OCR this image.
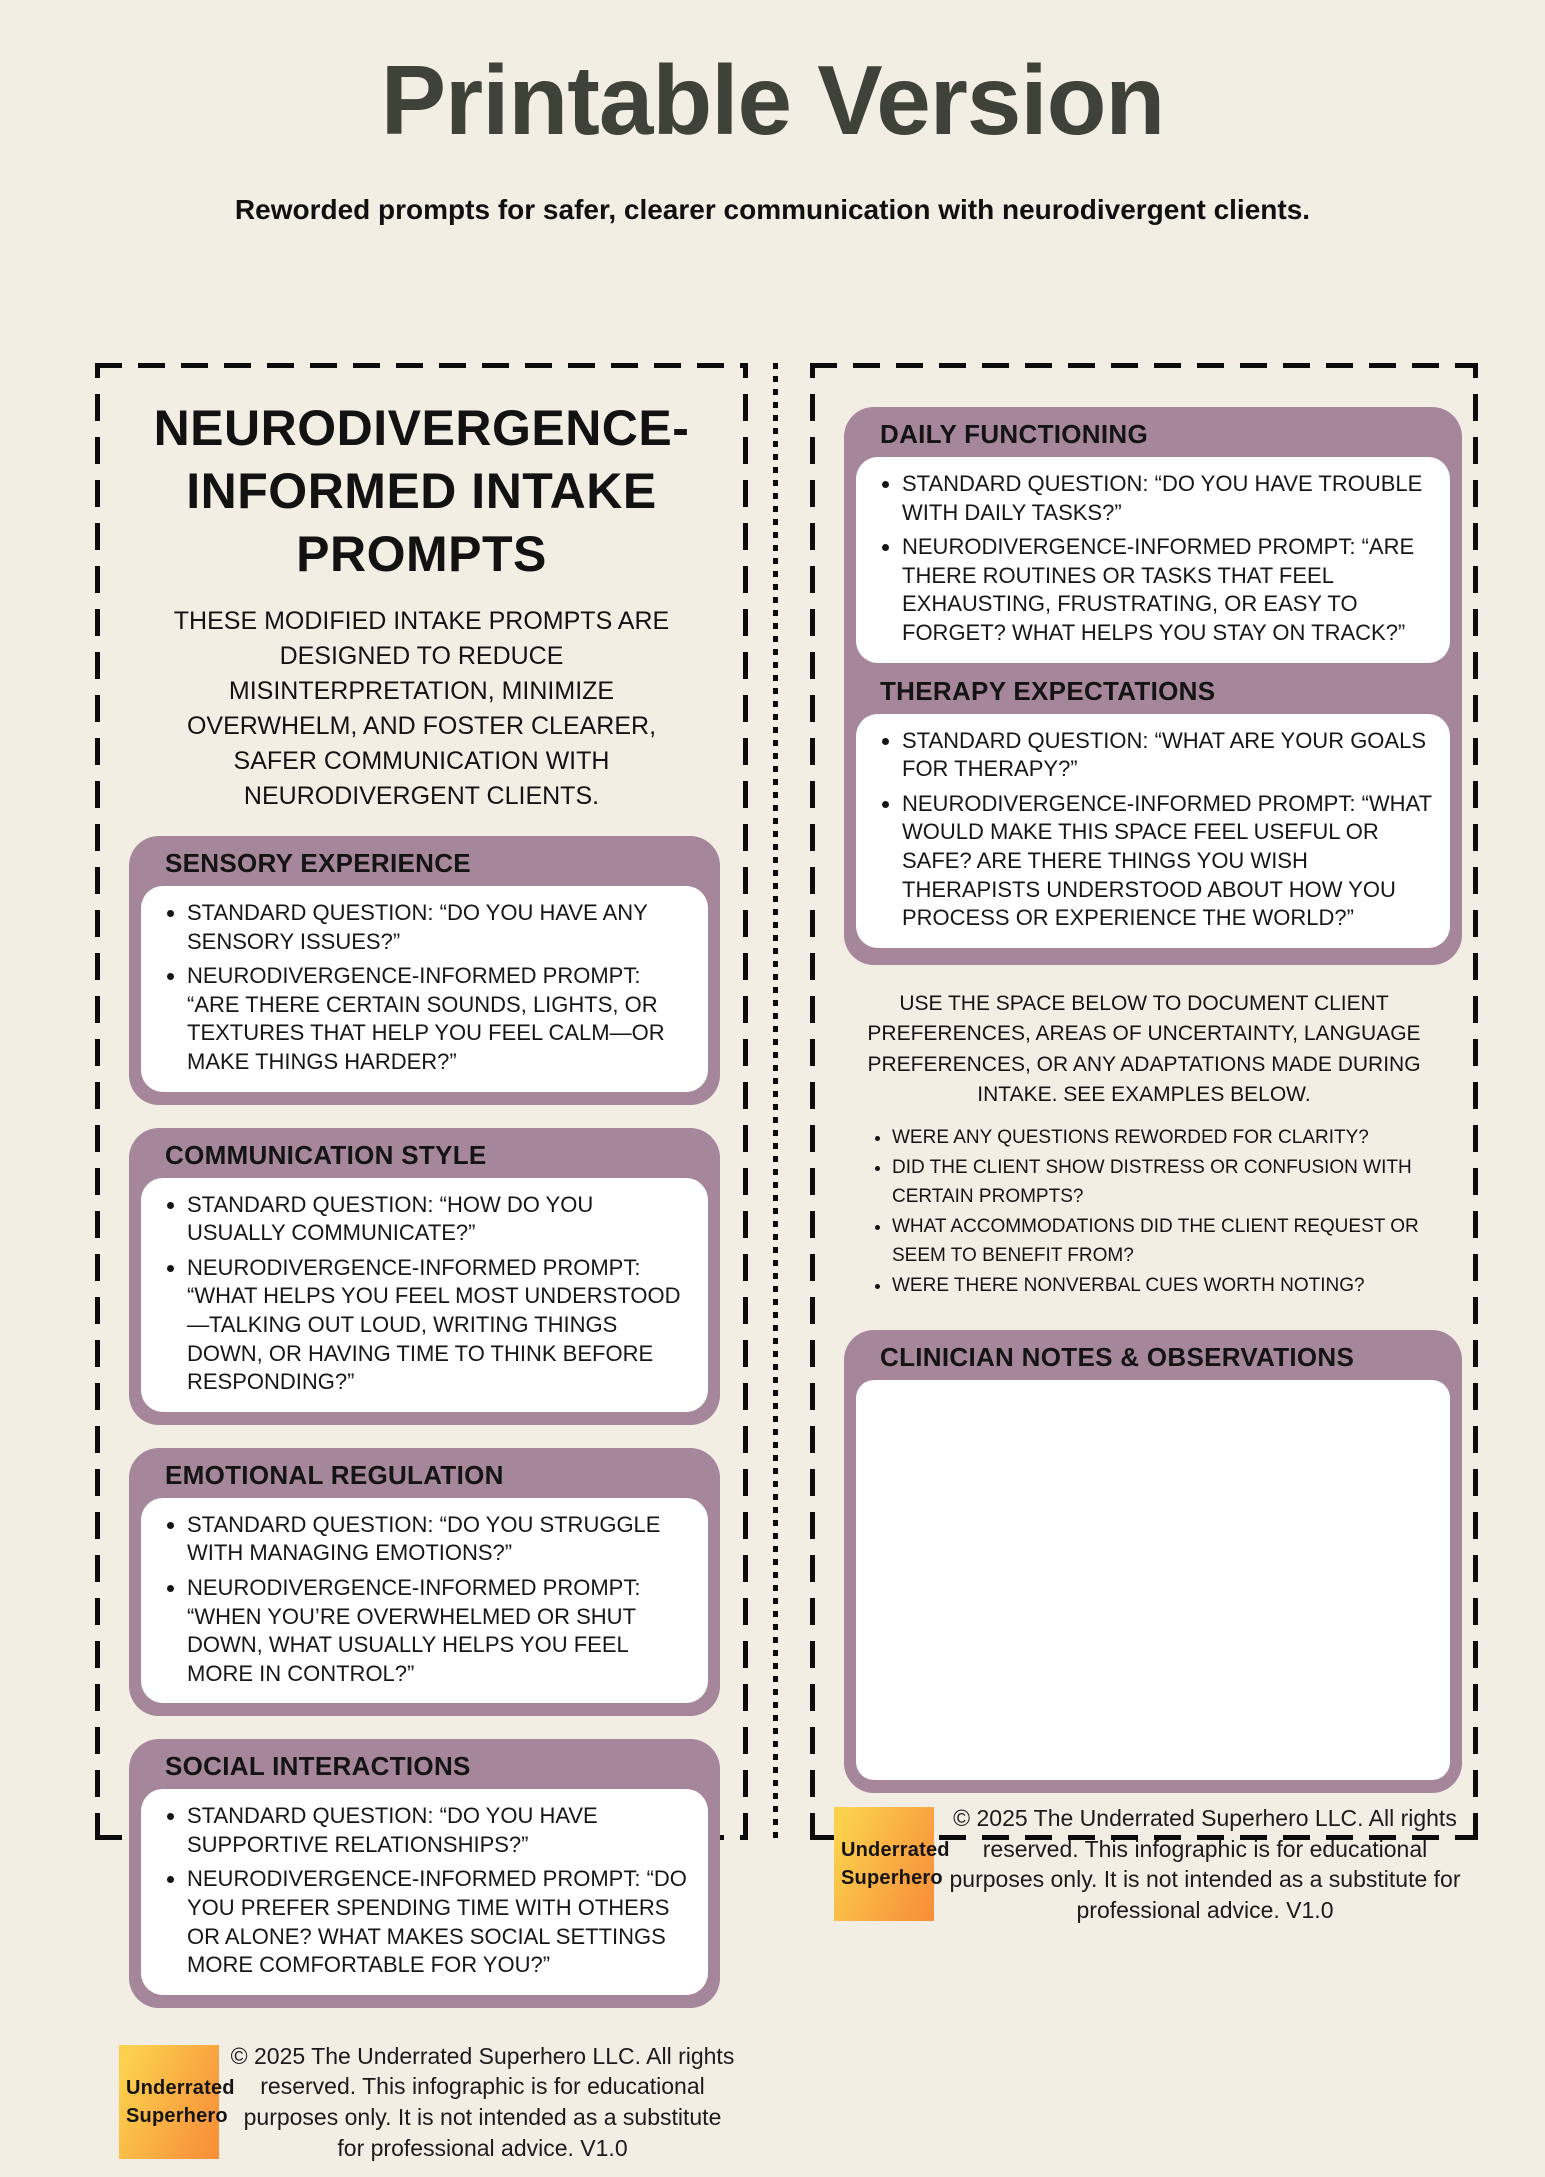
Printable Version

Reworded prompts for safer, clearer communication with neurodivergent clients.

NEURODIVERGENCE-INFORMED INTAKE PROMPTS

THESE MODIFIED INTAKE PROMPTS ARE DESIGNED TO REDUCE MISINTERPRETATION, MINIMIZE OVERWHELM, AND FOSTER CLEARER, SAFER COMMUNICATION WITH NEURODIVERGENT CLIENTS.

SENSORY EXPERIENCE
• STANDARD QUESTION: “DO YOU HAVE ANY SENSORY ISSUES?”
• NEURODIVERGENCE-INFORMED PROMPT: “ARE THERE CERTAIN SOUNDS, LIGHTS, OR TEXTURES THAT HELP YOU FEEL CALM—OR MAKE THINGS HARDER?”
COMMUNICATION STYLE
• STANDARD QUESTION: “HOW DO YOU USUALLY COMMUNICATE?”
• NEURODIVERGENCE-INFORMED PROMPT: “WHAT HELPS YOU FEEL MOST UNDERSTOOD—TALKING OUT LOUD, WRITING THINGS DOWN, OR HAVING TIME TO THINK BEFORE RESPONDING?”
EMOTIONAL REGULATION
• STANDARD QUESTION: “DO YOU STRUGGLE WITH MANAGING EMOTIONS?”
• NEURODIVERGENCE-INFORMED PROMPT: “WHEN YOU’RE OVERWHELMED OR SHUT DOWN, WHAT USUALLY HELPS YOU FEEL MORE IN CONTROL?”
SOCIAL INTERACTIONS
• STANDARD QUESTION: “DO YOU HAVE SUPPORTIVE RELATIONSHIPS?”
• NEURODIVERGENCE-INFORMED PROMPT: “DO YOU PREFER SPENDING TIME WITH OTHERS OR ALONE? WHAT MAKES SOCIAL SETTINGS MORE COMFORTABLE FOR YOU?”
Underrated
Superhero

© 2025 The Underrated Superhero LLC. All rights reserved. This infographic is for educational purposes only. It is not intended as a substitute for professional advice. V1.0

DAILY FUNCTIONING
• STANDARD QUESTION: “DO YOU HAVE TROUBLE WITH DAILY TASKS?”
• NEURODIVERGENCE-INFORMED PROMPT: “ARE THERE ROUTINES OR TASKS THAT FEEL EXHAUSTING, FRUSTRATING, OR EASY TO FORGET? WHAT HELPS YOU STAY ON TRACK?”
THERAPY EXPECTATIONS
• STANDARD QUESTION: “WHAT ARE YOUR GOALS FOR THERAPY?”
• NEURODIVERGENCE-INFORMED PROMPT: “WHAT WOULD MAKE THIS SPACE FEEL USEFUL OR SAFE? ARE THERE THINGS YOU WISH THERAPISTS UNDERSTOOD ABOUT HOW YOU PROCESS OR EXPERIENCE THE WORLD?”

USE THE SPACE BELOW TO DOCUMENT CLIENT PREFERENCES, AREAS OF UNCERTAINTY, LANGUAGE PREFERENCES, OR ANY ADAPTATIONS MADE DURING INTAKE. SEE EXAMPLES BELOW.

• WERE ANY QUESTIONS REWORDED FOR CLARITY?
• DID THE CLIENT SHOW DISTRESS OR CONFUSION WITH CERTAIN PROMPTS?
• WHAT ACCOMMODATIONS DID THE CLIENT REQUEST OR SEEM TO BENEFIT FROM?
• WERE THERE NONVERBAL CUES WORTH NOTING?
CLINICIAN NOTES & OBSERVATIONS
Underrated
Superhero

© 2025 The Underrated Superhero LLC. All rights reserved. This infographic is for educational purposes only. It is not intended as a substitute for professional advice. V1.0
